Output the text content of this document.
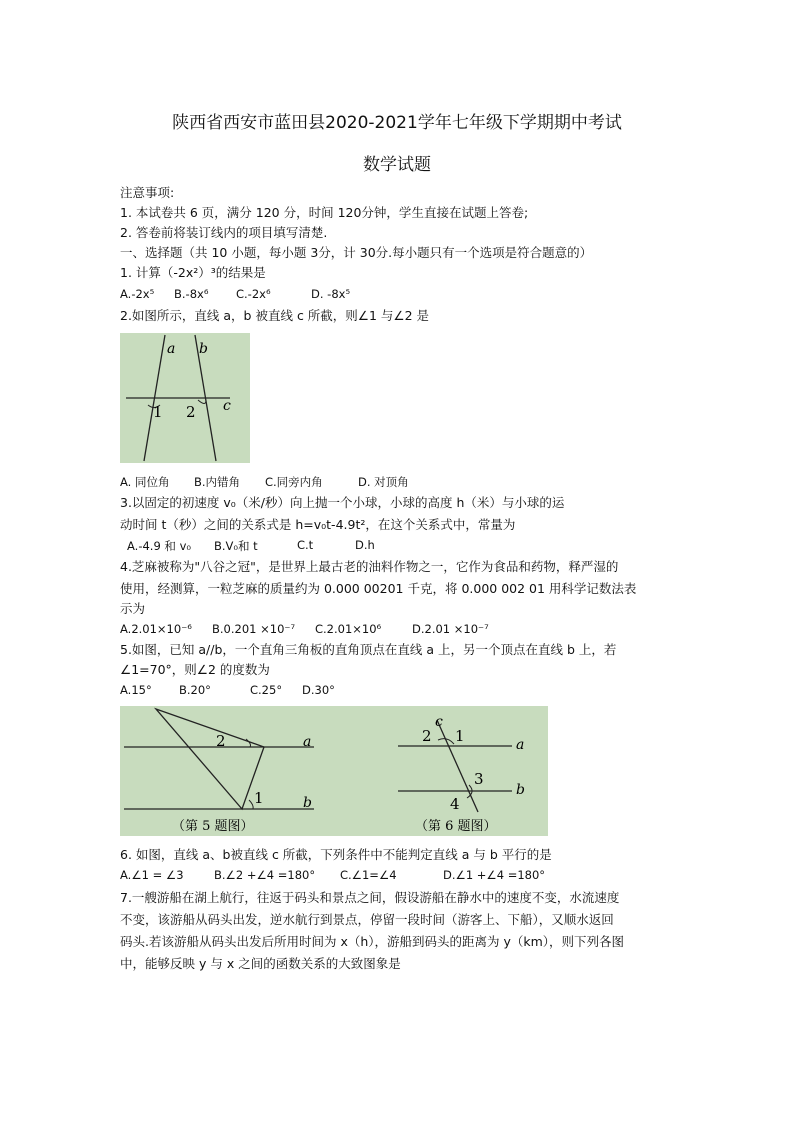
陕西省西安市蓝田县2020-2021学年七年级下学期期中考试
数学试题
注意事项:
1. 本试卷共 6 页，满分 120 分，时间 120分钟，学生直接在试题上答卷;
2. 答卷前将装订线内的项目填写清楚.
一、选择题（共 10 小题，每小题 3分，计 30分.每小题只有一个选项是符合题意的）
1. 计算（-2x²）³的结果是
A.-2x⁵ B.-8x⁶ C.-2x⁶	D. -8x⁵
2.如图所示，直线 a，b 被直线 c 所截，则∠1 与∠2 是
a b
c
1 2
A. 同位角 B.内错角 C.同旁内角	D. 对顶角
3.以固定的初速度 v₀（米/秒）向上抛一个小球，小球的高度 h（米）与小球的运
动时间 t（秒）之间的关系式是 h=v₀t-4.9t²，在这个关系式中，常量为
A.-4.9 和 v₀ B.V₀和 t	C.t	D.h
4.芝麻被称为"八谷之冠"，是世界上最古老的油料作物之一，它作为食品和药物，释严湿的
使用，经测算，一粒芝麻的质量约为 0.000 00201 千克，将 0.000 002 01 用科学记数法表
示为
A.2.01×10⁻⁶ B.0.201 ×10⁻⁷ C.2.01×10⁶	D.2.01 ×10⁻⁷
5.如图，已知 a//b，一个直角三角板的直角顶点在直线 a 上，另一个顶点在直线 b 上，若
∠1=70°，则∠2 的度数为
A.15° B.20°	C.25° D.30°
2	a
1	b
（第 5 题图）
c
2 1	a
3
b
4
（第 6 题图）
6. 如图，直线 a、b被直线 c 所截，下列条件中不能判定直线 a 与 b 平行的是
A.∠1 = ∠3	B.∠2 +∠4 =180° C.∠1=∠4	D.∠1 +∠4 =180°
7.一艘游船在湖上航行，往返于码头和景点之间，假设游船在静水中的速度不变，水流速度
不变，该游船从码头出发，逆水航行到景点，停留一段时间（游客上、下船），又顺水返回
码头.若该游船从码头出发后所用时间为 x（h），游船到码头的距离为 y（km），则下列各图
中，能够反映 y 与 x 之间的函数关系的大致图象是
